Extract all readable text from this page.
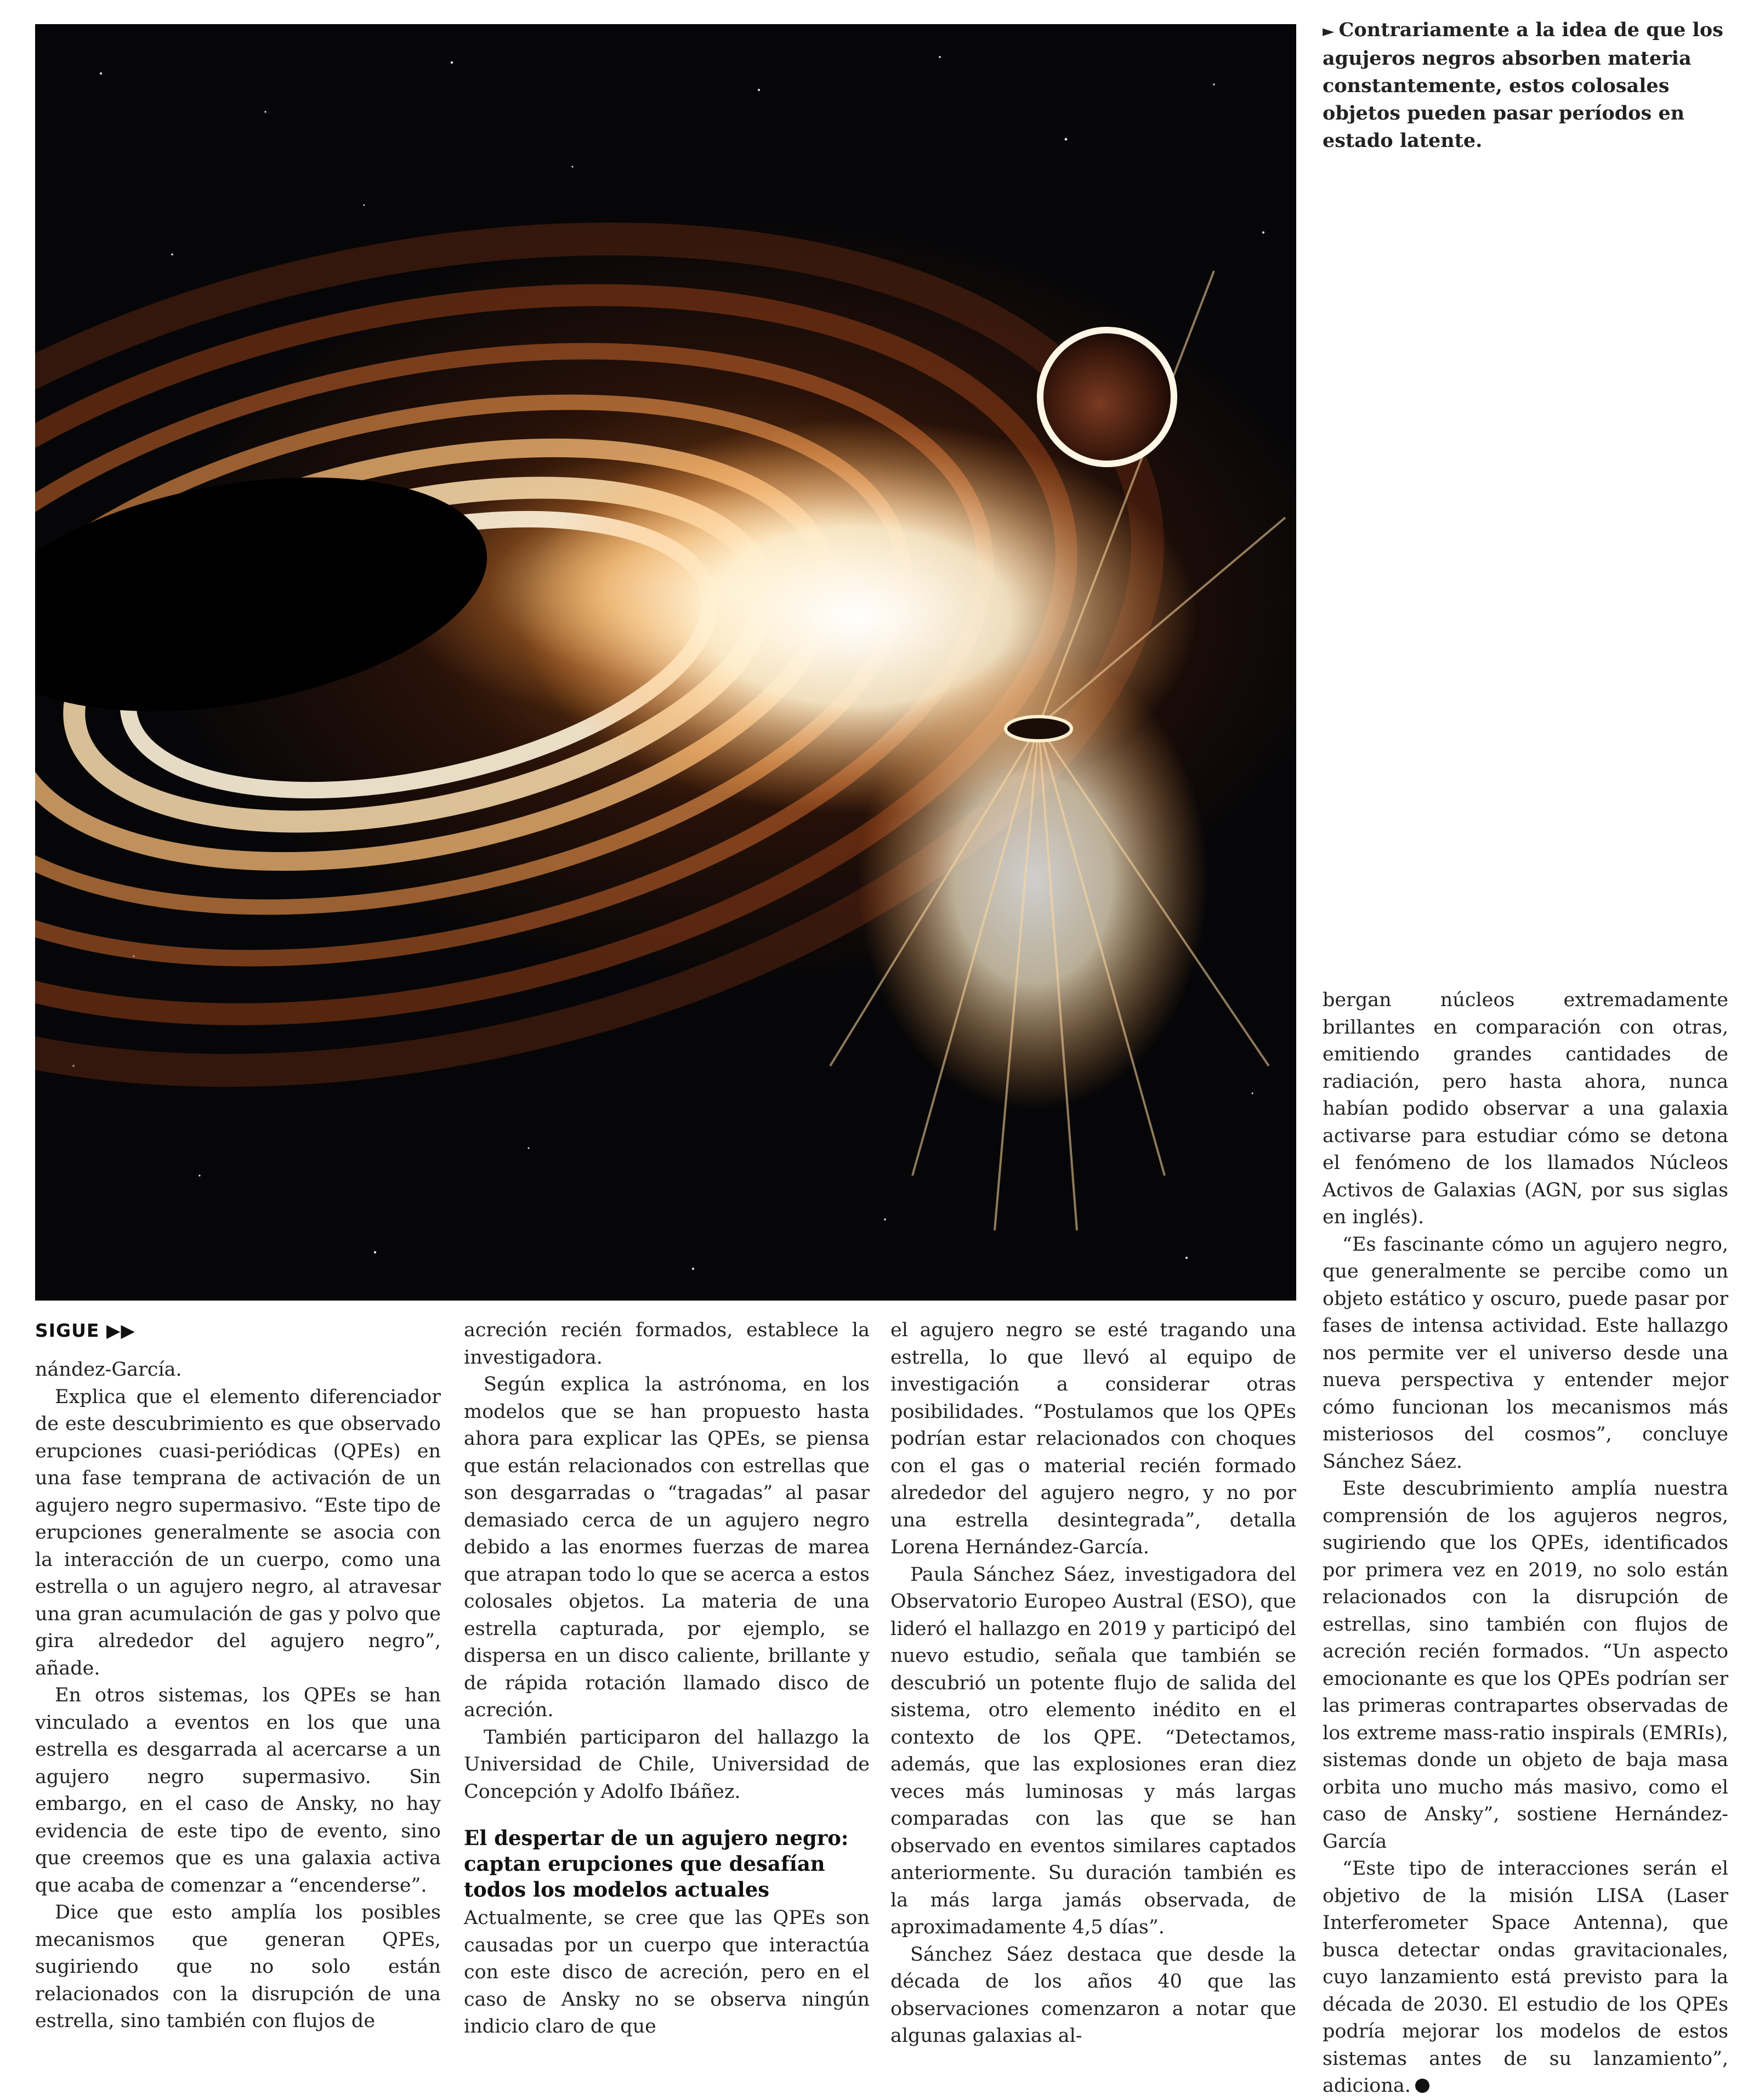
► Contrariamente a la idea de que los agujeros negros absorben materia constantemente, estos colosales objetos pueden pasar períodos en estado latente.
SIGUE ▶▶

nández-García.

Explica que el elemento diferenciador de este descubrimiento es que observado erupciones cuasi-periódicas (QPEs) en una fase temprana de activación de un agujero negro supermasivo. “Este tipo de erupciones generalmente se asocia con la interacción de un cuerpo, como una estrella o un agujero negro, al atravesar una gran acumulación de gas y polvo que gira alrededor del agujero negro”, añade.

En otros sistemas, los QPEs se han vinculado a eventos en los que una estrella es desgarrada al acercarse a un agujero negro supermasivo. Sin embargo, en el caso de Ansky, no hay evidencia de este tipo de evento, sino que creemos que es una galaxia activa que acaba de comenzar a “encenderse”.

Dice que esto amplía los posibles mecanismos que generan QPEs, sugiriendo que no solo están relacionados con la disrupción de una estrella, sino también con flujos de

acreción recién formados, establece la investigadora.

Según explica la astrónoma, en los modelos que se han propuesto hasta ahora para explicar las QPEs, se piensa que están relacionados con estrellas que son desgarradas o “tragadas” al pasar demasiado cerca de un agujero negro debido a las enormes fuerzas de marea que atrapan todo lo que se acerca a estos colosales objetos. La materia de una estrella capturada, por ejemplo, se dispersa en un disco caliente, brillante y de rápida rotación llamado disco de acreción.

También participaron del hallazgo la Universidad de Chile, Universidad de Concepción y Adolfo Ibáñez.

El despertar de un agujero negro: captan erupciones que desafían todos los modelos actuales

Actualmente, se cree que las QPEs son causadas por un cuerpo que interactúa con este disco de acreción, pero en el caso de Ansky no se observa ningún indicio claro de que

el agujero negro se esté tragando una estrella, lo que llevó al equipo de investigación a considerar otras posibilidades. “Postulamos que los QPEs podrían estar relacionados con choques con el gas o material recién formado alrededor del agujero negro, y no por una estrella desintegrada”, detalla Lorena Hernández-García.

Paula Sánchez Sáez, investigadora del Observatorio Europeo Austral (ESO), que lideró el hallazgo en 2019 y participó del nuevo estudio, señala que también se descubrió un potente flujo de salida del sistema, otro elemento inédito en el contexto de los QPE. “Detectamos, además, que las explosiones eran diez veces más luminosas y más largas comparadas con las que se han observado en eventos similares captados anteriormente. Su duración también es la más larga jamás observada, de aproximadamente 4,5 días”.

Sánchez Sáez destaca que desde la década de los años 40 que las observaciones comenzaron a notar que algunas galaxias al-

bergan núcleos extremadamente brillantes en comparación con otras, emitiendo grandes cantidades de radiación, pero hasta ahora, nunca habían podido observar a una galaxia activarse para estudiar cómo se detona el fenómeno de los llamados Núcleos Activos de Galaxias (AGN, por sus siglas en inglés).

“Es fascinante cómo un agujero negro, que generalmente se percibe como un objeto estático y oscuro, puede pasar por fases de intensa actividad. Este hallazgo nos permite ver el universo desde una nueva perspectiva y entender mejor cómo funcionan los mecanismos más misteriosos del cosmos”, concluye Sánchez Sáez.

Este descubrimiento amplía nuestra comprensión de los agujeros negros, sugiriendo que los QPEs, identificados por primera vez en 2019, no solo están relacionados con la disrupción de estrellas, sino también con flujos de acreción recién formados. “Un aspecto emocionante es que los QPEs podrían ser las primeras contrapartes observadas de los extreme mass-ratio inspirals (EMRIs), sistemas donde un objeto de baja masa orbita uno mucho más masivo, como el caso de Ansky”, sostiene Hernández-García

“Este tipo de interacciones serán el objetivo de la misión LISA (Laser Interferometer Space Antenna), que busca detectar ondas gravitacionales, cuyo lanzamiento está previsto para la década de 2030. El estudio de los QPEs podría mejorar los modelos de estos sistemas antes de su lanzamiento”, adiciona.
